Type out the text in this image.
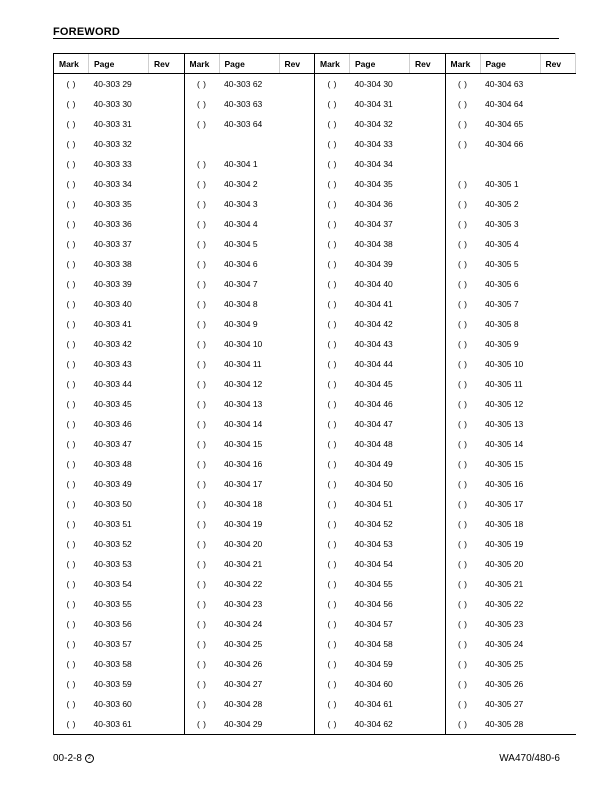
FOREWORD
Mark	Page	Rev	Mark	Page	Rev	Mark	Page	Rev	Mark	Page	Rev
( )	40-303 29		( )	40-303 62		( )	40-304 30		( )	40-304 63	
( )	40-303 30		( )	40-303 63		( )	40-304 31		( )	40-304 64	
( )	40-303 31		( )	40-303 64		( )	40-304 32		( )	40-304 65	
( )	40-303 32					( )	40-304 33		( )	40-304 66	
( )	40-303 33		( )	40-304 1		( )	40-304 34				
( )	40-303 34		( )	40-304 2		( )	40-304 35		( )	40-305 1	
( )	40-303 35		( )	40-304 3		( )	40-304 36		( )	40-305 2	
( )	40-303 36		( )	40-304 4		( )	40-304 37		( )	40-305 3	
( )	40-303 37		( )	40-304 5		( )	40-304 38		( )	40-305 4	
( )	40-303 38		( )	40-304 6		( )	40-304 39		( )	40-305 5	
( )	40-303 39		( )	40-304 7		( )	40-304 40		( )	40-305 6	
( )	40-303 40		( )	40-304 8		( )	40-304 41		( )	40-305 7	
( )	40-303 41		( )	40-304 9		( )	40-304 42		( )	40-305 8	
( )	40-303 42		( )	40-304 10		( )	40-304 43		( )	40-305 9	
( )	40-303 43		( )	40-304 11		( )	40-304 44		( )	40-305 10	
( )	40-303 44		( )	40-304 12		( )	40-304 45		( )	40-305 11	
( )	40-303 45		( )	40-304 13		( )	40-304 46		( )	40-305 12	
( )	40-303 46		( )	40-304 14		( )	40-304 47		( )	40-305 13	
( )	40-303 47		( )	40-304 15		( )	40-304 48		( )	40-305 14	
( )	40-303 48		( )	40-304 16		( )	40-304 49		( )	40-305 15	
( )	40-303 49		( )	40-304 17		( )	40-304 50		( )	40-305 16	
( )	40-303 50		( )	40-304 18		( )	40-304 51		( )	40-305 17	
( )	40-303 51		( )	40-304 19		( )	40-304 52		( )	40-305 18	
( )	40-303 52		( )	40-304 20		( )	40-304 53		( )	40-305 19	
( )	40-303 53		( )	40-304 21		( )	40-304 54		( )	40-305 20	
( )	40-303 54		( )	40-304 22		( )	40-304 55		( )	40-305 21	
( )	40-303 55		( )	40-304 23		( )	40-304 56		( )	40-305 22	
( )	40-303 56		( )	40-304 24		( )	40-304 57		( )	40-305 23	
( )	40-303 57		( )	40-304 25		( )	40-304 58		( )	40-305 24	
( )	40-303 58		( )	40-304 26		( )	40-304 59		( )	40-305 25	
( )	40-303 59		( )	40-304 27		( )	40-304 60		( )	40-305 26	
( )	40-303 60		( )	40-304 28		( )	40-304 61		( )	40-305 27	
( )	40-303 61		( )	40-304 29		( )	40-304 62		( )	40-305 28	
00-2-8 2	WA470/480-6
